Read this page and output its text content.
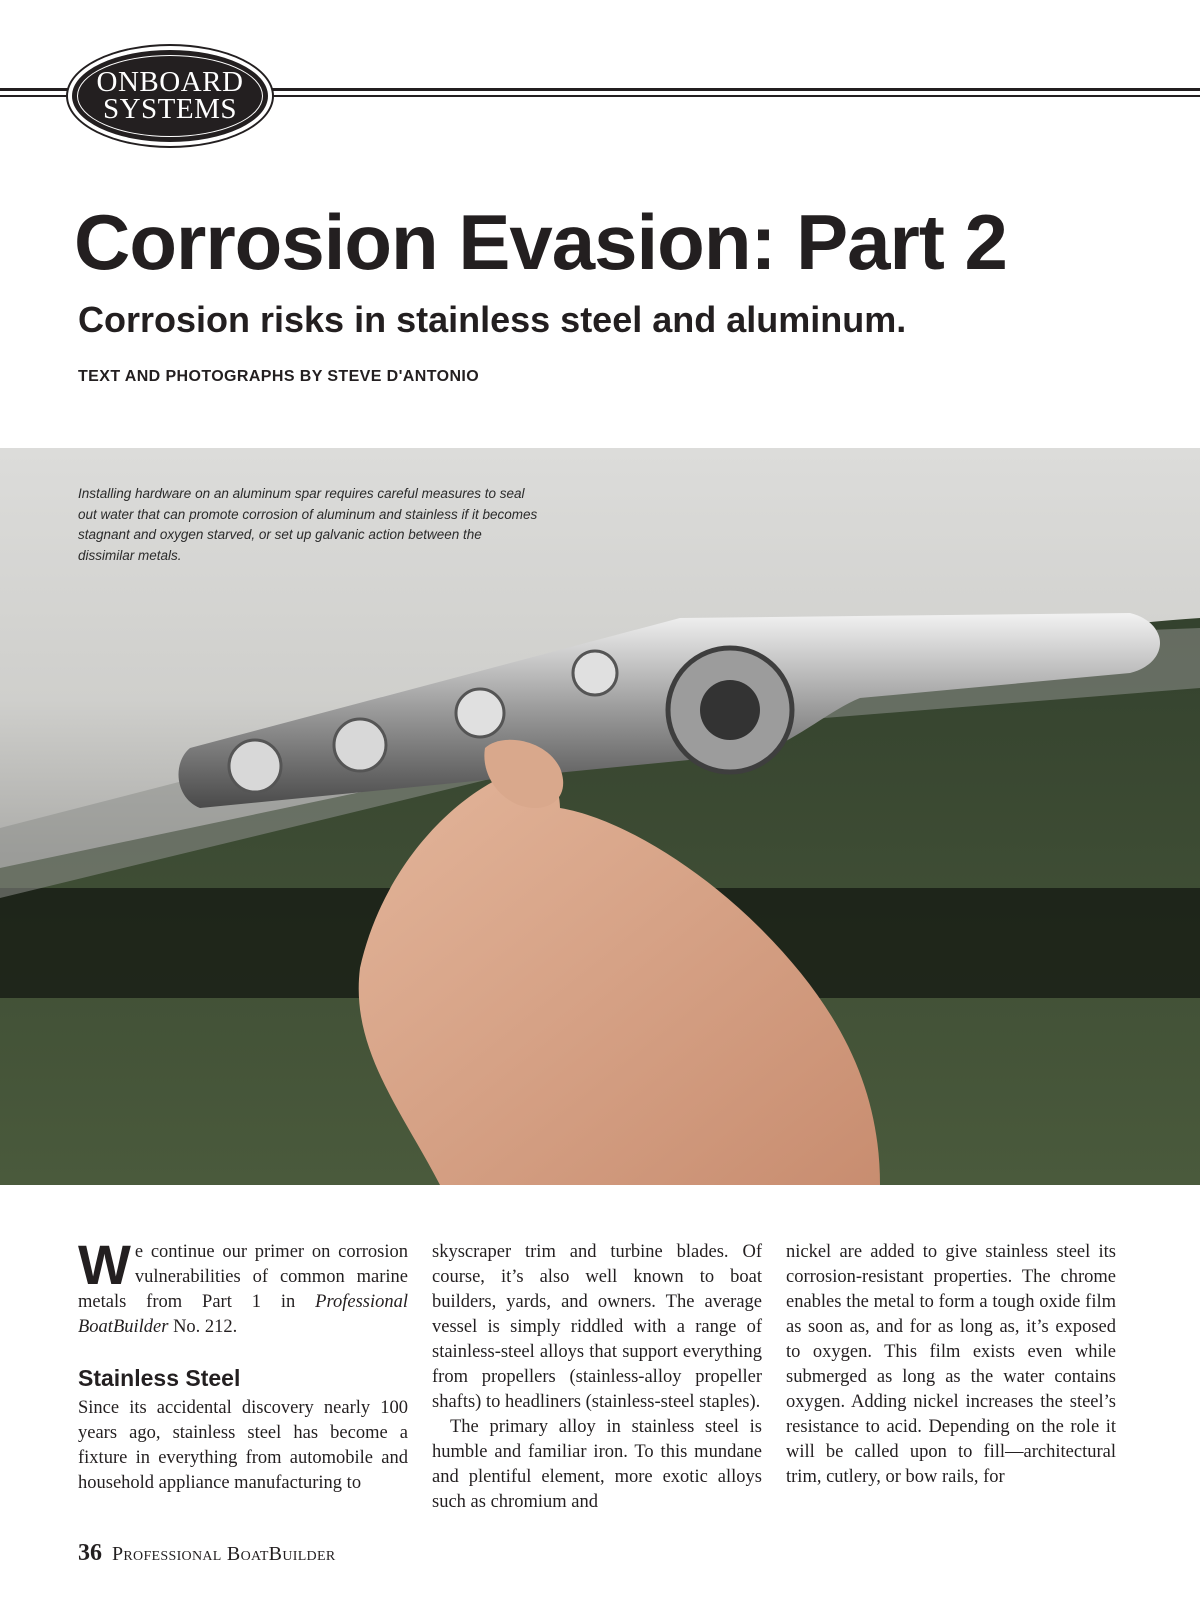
ONBOARD
SYSTEMS
Corrosion Evasion: Part 2
Corrosion risks in stainless steel and aluminum.
TEXT AND PHOTOGRAPHS BY STEVE D'ANTONIO
Installing hardware on an aluminum spar requires careful measures to seal out water that can promote corrosion of aluminum and stainless if it becomes stagnant and oxygen starved, or set up galvanic action between the dissimilar metals.

We continue our primer on corrosion vulnerabilities of common marine metals from Part 1 in Professional BoatBuilder No. 212.

Stainless Steel

Since its accidental discovery nearly 100 years ago, stainless steel has become a fixture in everything from automobile and household appliance manufacturing to

skyscraper trim and turbine blades. Of course, it’s also well known to boat builders, yards, and owners. The average vessel is simply riddled with a range of stainless-steel alloys that support everything from propellers (stainless-alloy propeller shafts) to headliners (stainless-steel staples).

The primary alloy in stainless steel is humble and familiar iron. To this mundane and plentiful element, more exotic alloys such as chromium and

nickel are added to give stainless steel its corrosion-resistant properties. The chrome enables the metal to form a tough oxide film as soon as, and for as long as, it’s exposed to oxygen. This film exists even while submerged as long as the water contains oxygen. Adding nickel increases the steel’s resistance to acid. Depending on the role it will be called upon to fill—architectural trim, cutlery, or bow rails, for

36 Professional BoatBuilder
